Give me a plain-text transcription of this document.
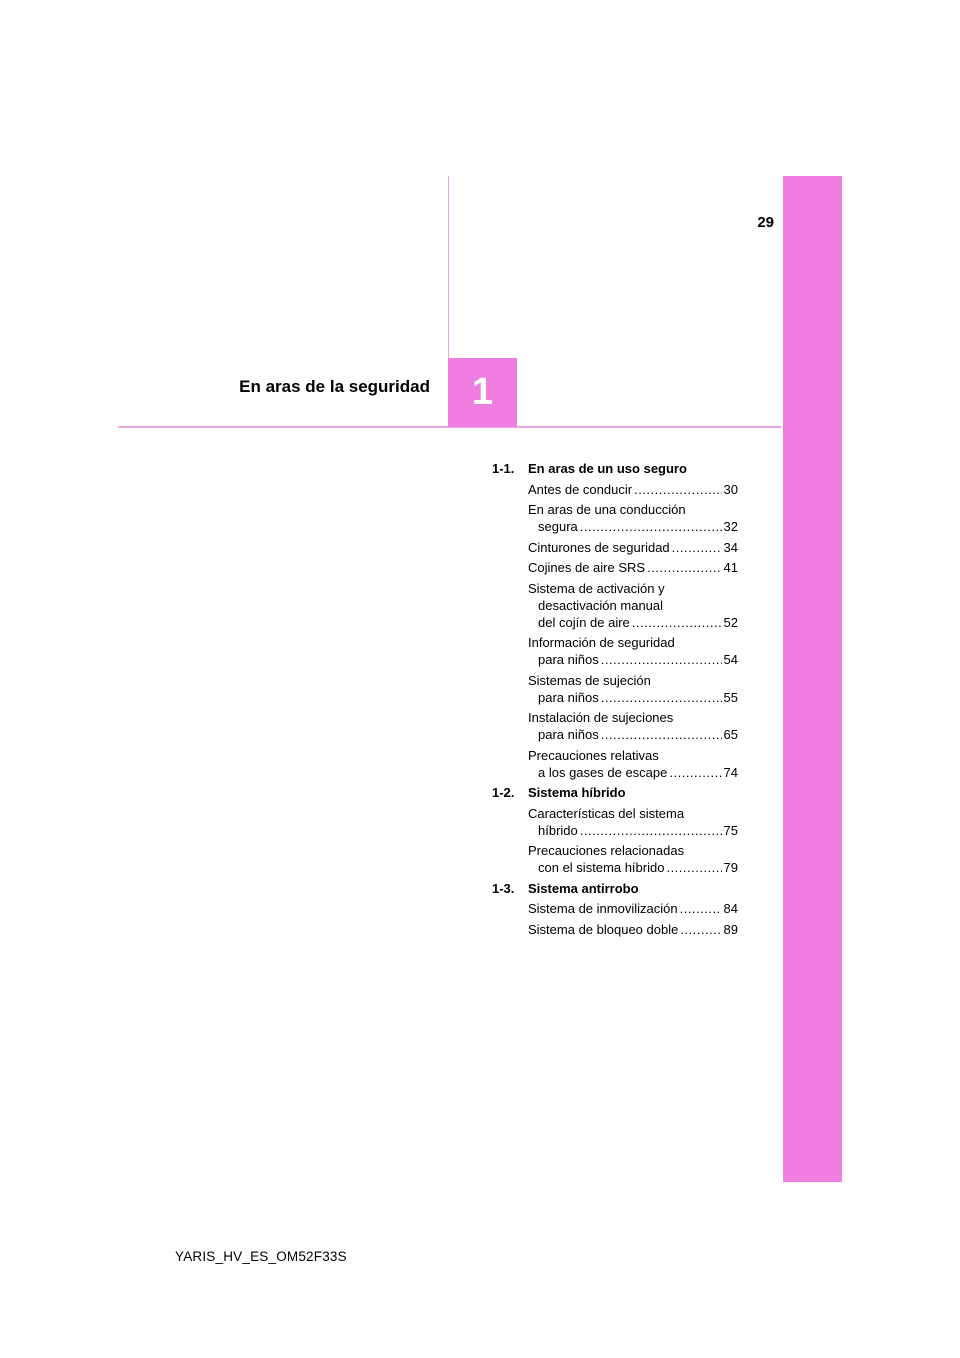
29
1
En aras de la seguridad
1-1. En aras de un uso seguro
Antes de conducir .....	30
En aras de una conducción
segura .....	32
Cinturones de seguridad .....	34
Cojines de aire SRS .....	41
Sistema de activación y
desactivación manual
del cojín de aire .....	52
Información de seguridad
para niños .....	54
Sistemas de sujeción
para niños .....	55
Instalación de sujeciones
para niños .....	65
Precauciones relativas
a los gases de escape .....	74
1-2. Sistema híbrido
Características del sistema
híbrido .....	75
Precauciones relacionadas
con el sistema híbrido .....	79
1-3. Sistema antirrobo
Sistema de inmovilización .....	84
Sistema de bloqueo doble .....	89
YARIS_HV_ES_OM52F33S
